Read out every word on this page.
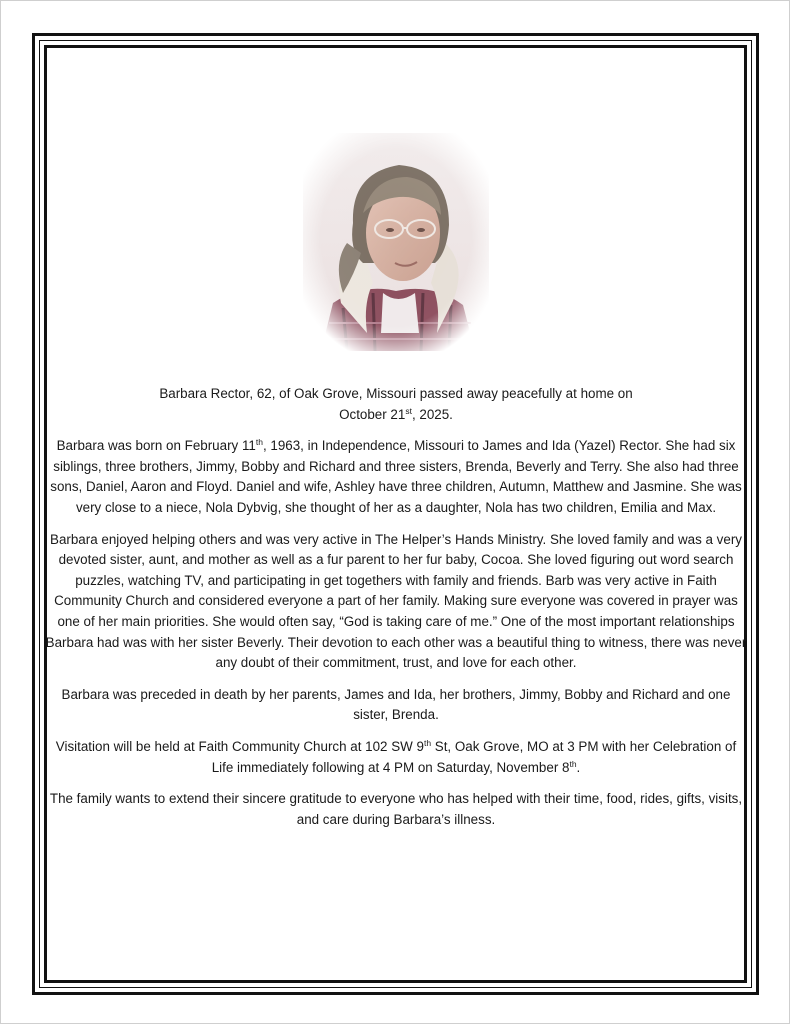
Barbara Rector, 62, of Oak Grove, Missouri passed away peacefully at home on
October 21st, 2025.

Barbara was born on February 11th, 1963, in Independence, Missouri to James and Ida (Yazel) Rector. She had six siblings, three brothers, Jimmy, Bobby and Richard and three sisters, Brenda, Beverly and Terry. She also had three sons, Daniel, Aaron and Floyd. Daniel and wife, Ashley have three children, Autumn, Matthew and Jasmine. She was very close to a niece, Nola Dybvig, she thought of her as a daughter, Nola has two children, Emilia and Max.

Barbara enjoyed helping others and was very active in The Helper’s Hands Ministry. She loved family and was a very devoted sister, aunt, and mother as well as a fur parent to her fur baby, Cocoa. She loved figuring out word search puzzles, watching TV, and participating in get togethers with family and friends. Barb was very active in Faith Community Church and considered everyone a part of her family. Making sure everyone was covered in prayer was one of her main priorities. She would often say, “God is taking care of me.” One of the most important relationships Barbara had was with her sister Beverly. Their devotion to each other was a beautiful thing to witness, there was never any doubt of their commitment, trust, and love for each other.

Barbara was preceded in death by her parents, James and Ida, her brothers, Jimmy, Bobby and Richard and one sister, Brenda.

Visitation will be held at Faith Community Church at 102 SW 9th St, Oak Grove, MO at 3 PM with her Celebration of Life immediately following at 4 PM on Saturday, November 8th.

The family wants to extend their sincere gratitude to everyone who has helped with their time, food, rides, gifts, visits, and care during Barbara’s illness.
